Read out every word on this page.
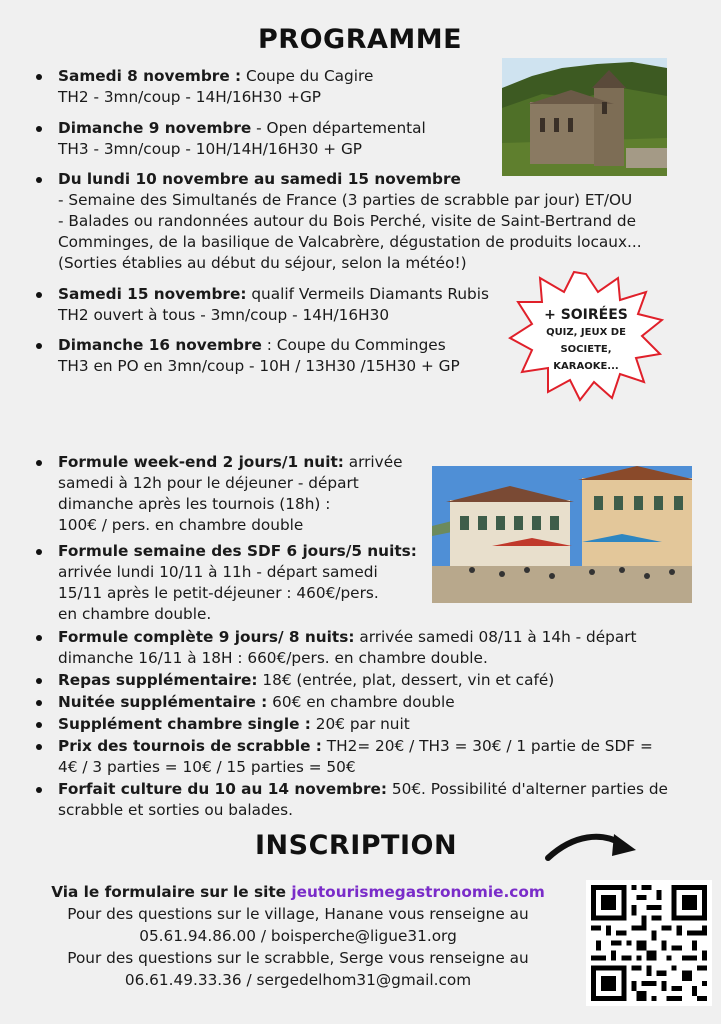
PROGRAMME
Samedi 8 novembre : Coupe du Cagire
TH2 - 3mn/coup - 14H/16H30 +GP
Dimanche 9 novembre - Open départemental
TH3 - 3mn/coup - 10H/14H/16H30 + GP
Du lundi 10 novembre au samedi 15 novembre
- Semaine des Simultanés de France (3 parties de scrabble par jour) ET/OU
- Balades ou randonnées autour du Bois Perché, visite de Saint-Bertrand de
Comminges, de la basilique de Valcabrère, dégustation de produits locaux...
(Sorties établies au début du séjour, selon la météo!)
Samedi 15 novembre: qualif Vermeils Diamants Rubis
TH2 ouvert à tous - 3mn/coup - 14H/16H30
Dimanche 16 novembre : Coupe du Comminges
TH3 en PO en 3mn/coup - 10H / 13H30 /15H30 + GP
+ SOIRÉES
QUIZ, JEUX DE
SOCIETE,
KARAOKE...
Formule week-end 2 jours/1 nuit: arrivée
samedi à 12h pour le déjeuner - départ
dimanche après les tournois (18h) :
100€ / pers. en chambre double
Formule semaine des SDF 6 jours/5 nuits:
arrivée lundi 10/11 à 11h - départ samedi
15/11 après le petit-déjeuner : 460€/pers.
en chambre double.
Formule complète 9 jours/ 8 nuits: arrivée samedi 08/11 à 14h - départ
dimanche 16/11 à 18H : 660€/pers. en chambre double.
Repas supplémentaire: 18€ (entrée, plat, dessert, vin et café)
Nuitée supplémentaire : 60€ en chambre double
Supplément chambre single : 20€ par nuit
Prix des tournois de scrabble : TH2= 20€ / TH3 = 30€ / 1 partie de SDF =
4€ / 3 parties = 10€ / 15 parties = 50€
Forfait culture du 10 au 14 novembre: 50€. Possibilité d'alterner parties de
scrabble et sorties ou balades.
INSCRIPTION
Via le formulaire sur le site jeutourismegastronomie.com
Pour des questions sur le village, Hanane vous renseigne au
05.61.94.86.00 / boisperche@ligue31.org
Pour des questions sur le scrabble, Serge vous renseigne au
06.61.49.33.36 / sergedelhom31@gmail.com
